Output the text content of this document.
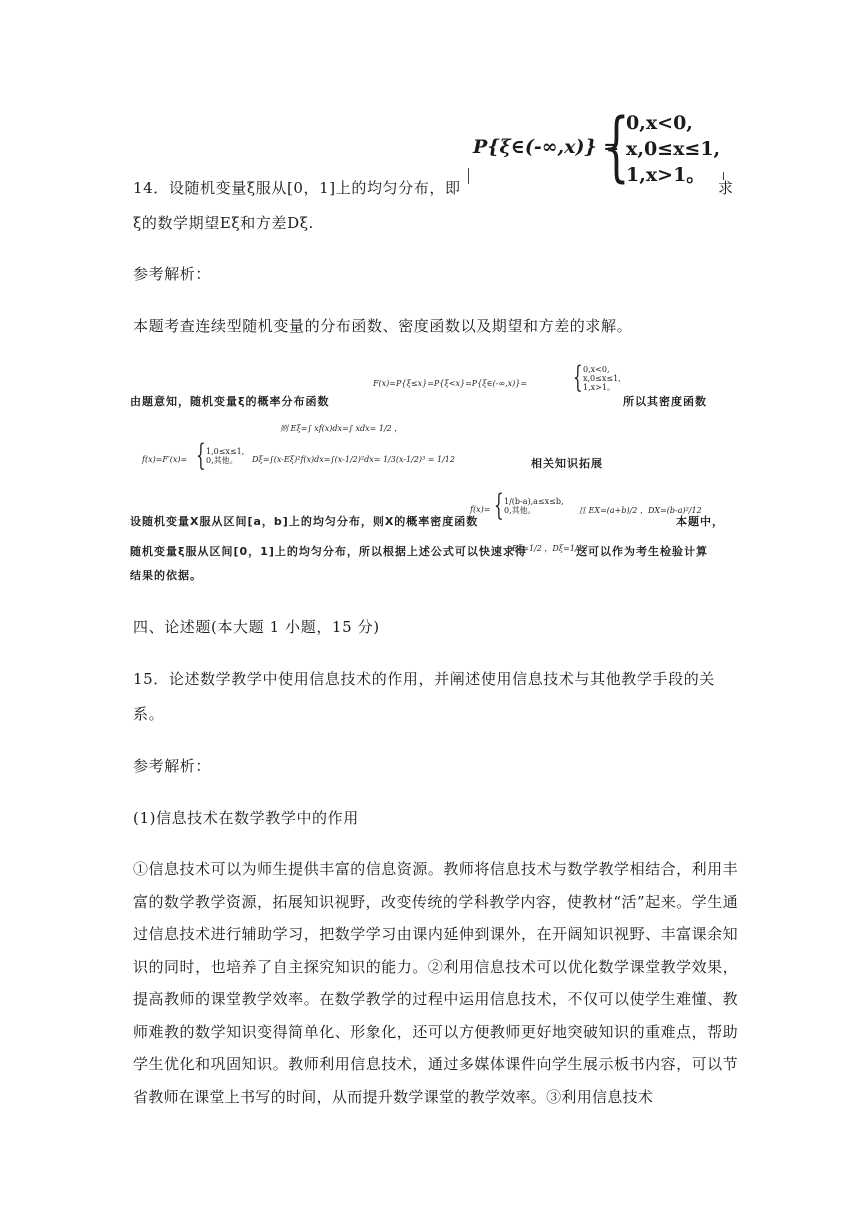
P{ξ∈(-∞,x)} =
{
0,x<0,
x,0≤x≤1,
1,x>1。
14．设随机变量ξ服从[0，1]上的均匀分布，即	求
ξ的数学期望Eξ和方差Dξ.
参考解析：
本题考查连续型随机变量的分布函数、密度函数以及期望和方差的求解。
F(x)=P{ξ≤x}=P{ξ<x}=P{ξ∈(-∞,x)}= { 0,x<0,
x,0≤x≤1,
1,x>1。
由题意知，随机变量ξ的概率分布函数	所以其密度函数
则 Eξ=∫ xf(x)dx=∫ xdx= 1/2 ，
f(x)=F′(x)= { 1,0≤x≤1,
0,其他。	Dξ=∫(x-Eξ)²f(x)dx=∫(x-1/2)²dx= 1/3(x-1/2)³ = 1/12	相关知识拓展
f(x)= { 1/(b-a),a≤x≤b,
0,其他。	且 EX=(a+b)/2 ，DX=(b-a)²/12
设随机变量X服从区间[a，b]上的均匀分布，则X的概率密度函数	本题中，
随机变量ξ服从区间[0，1]上的均匀分布，所以根据上述公式可以快速求得
Eξ=1/2 ，Dξ=1/12
这可以作为考生检验计算
结果的依据。
四、论述题(本大题 1 小题，15 分)
15．论述数学教学中使用信息技术的作用，并阐述使用信息技术与其他教学手段的关
系。
参考解析：
(1)信息技术在数学教学中的作用
①信息技术可以为师生提供丰富的信息资源。教师将信息技术与数学教学相结合，利用丰富的数学教学资源，拓展知识视野，改变传统的学科教学内容，使教材“活”起来。学生通过信息技术进行辅助学习，把数学学习由课内延伸到课外，在开阔知识视野、丰富课余知识的同时，也培养了自主探究知识的能力。②利用信息技术可以优化数学课堂教学效果，提高教师的课堂教学效率。在数学教学的过程中运用信息技术，不仅可以使学生难懂、教师难教的数学知识变得简单化、形象化，还可以方便教师更好地突破知识的重难点，帮助学生优化和巩固知识。教师利用信息技术，通过多媒体课件向学生展示板书内容，可以节省教师在课堂上书写的时间，从而提升数学课堂的教学效率。③利用信息技术
